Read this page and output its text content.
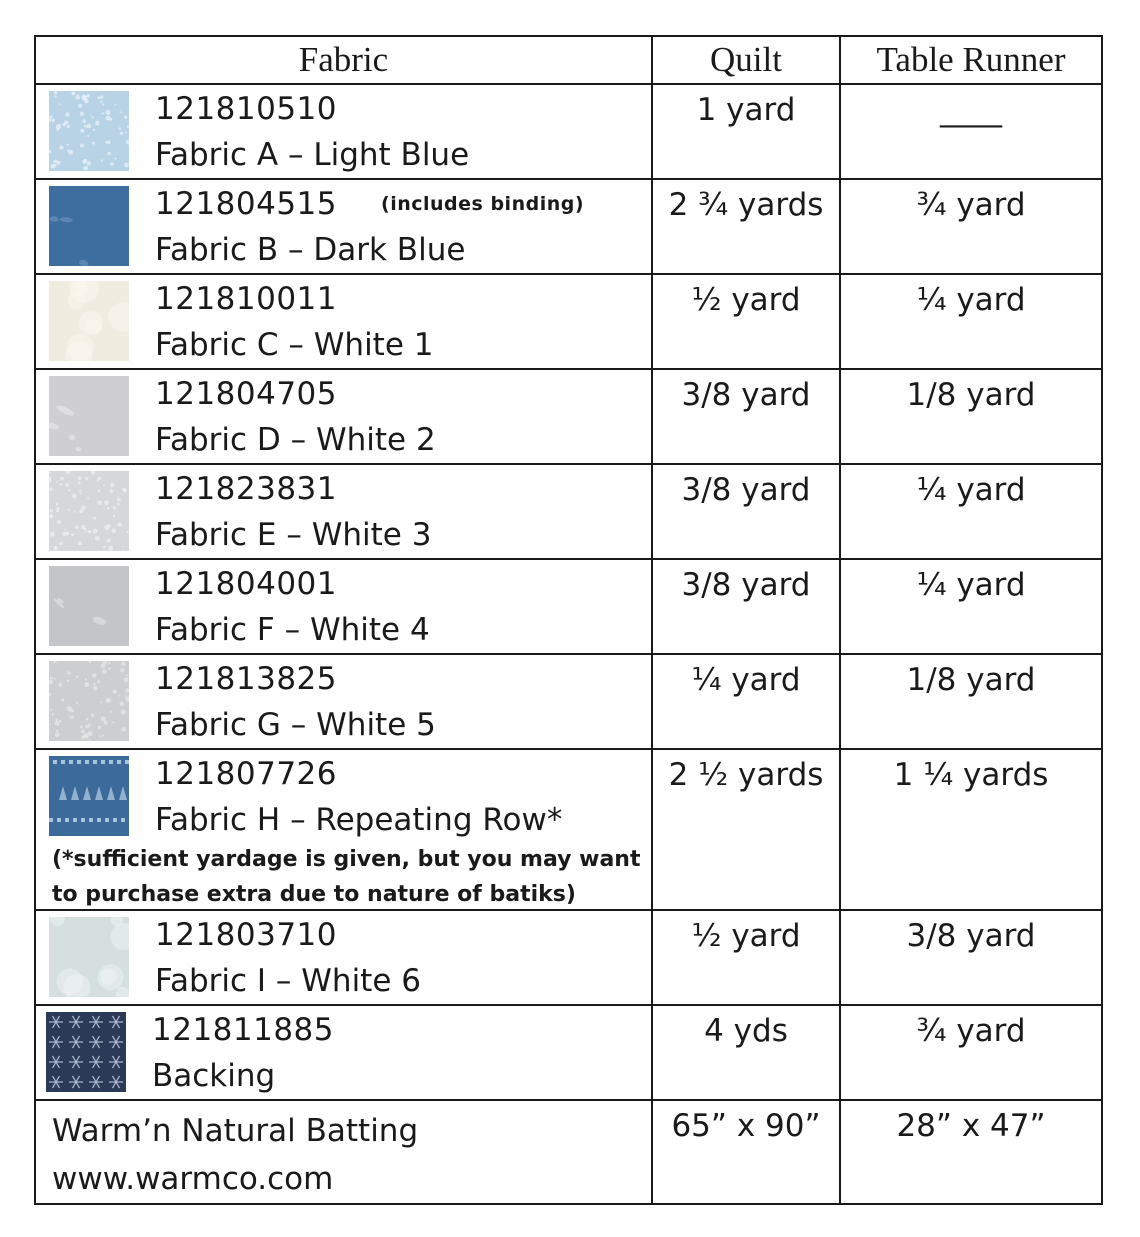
Fabric	Quilt	Table Runner

121810510
Fabric A – Light Blue	1 yard	____

121804515 (includes binding)
Fabric B – Dark Blue	2 ¾ yards	¾ yard

121810011
Fabric C – White 1	½ yard	¼ yard

121804705
Fabric D – White 2	3/8 yard	1/8 yard

121823831
Fabric E – White 3	3/8 yard	¼ yard

121804001
Fabric F – White 4	3/8 yard	¼ yard

121813825
Fabric G – White 5	¼ yard	1/8 yard

121807726
Fabric H – Repeating Row*
(*sufficient yardage is given, but you may want
to purchase extra due to nature of batiks)	2 ½ yards	1 ¼ yards

121803710
Fabric I – White 6	½ yard	3/8 yard

121811885
Backing	4 yds	¾ yard

Warm’n Natural Batting
www.warmco.com	65” x 90”	28” x 47”
